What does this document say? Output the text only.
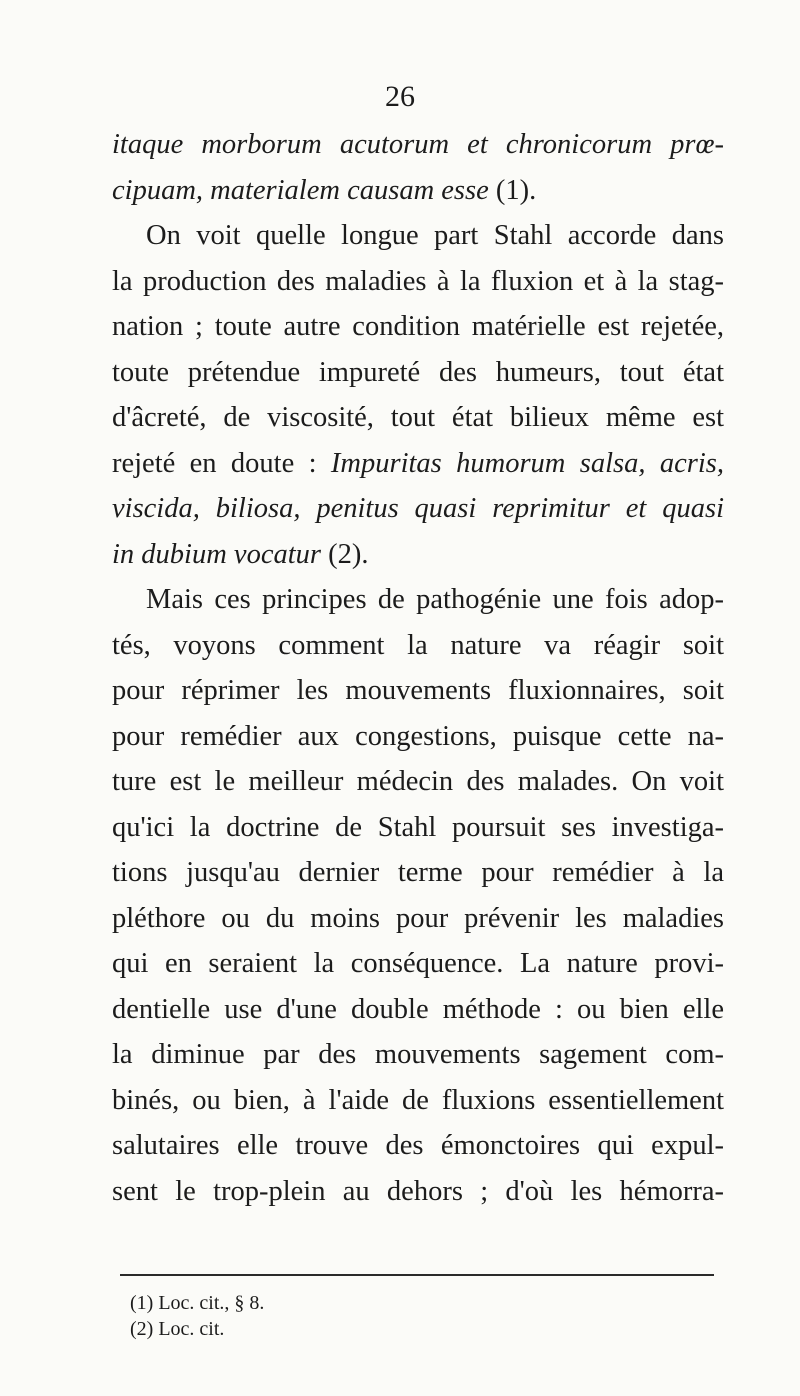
26
itaque morborum acutorum et chronicorum prœ-
cipuam, materialem causam esse (1).
On voit quelle longue part Stahl accorde dans
la production des maladies à la fluxion et à la stag-
nation ; toute autre condition matérielle est rejetée,
toute prétendue impureté des humeurs, tout état
d'âcreté, de viscosité, tout état bilieux même est
rejeté en doute : Impuritas humorum salsa, acris,
viscida, biliosa, penitus quasi reprimitur et quasi
in dubium vocatur (2).
Mais ces principes de pathogénie une fois adop-
tés, voyons comment la nature va réagir soit
pour réprimer les mouvements fluxionnaires, soit
pour remédier aux congestions, puisque cette na-
ture est le meilleur médecin des malades. On voit
qu'ici la doctrine de Stahl poursuit ses investiga-
tions jusqu'au dernier terme pour remédier à la
pléthore ou du moins pour prévenir les maladies
qui en seraient la conséquence. La nature provi-
dentielle use d'une double méthode : ou bien elle
la diminue par des mouvements sagement com-
binés, ou bien, à l'aide de fluxions essentiellement
salutaires elle trouve des émonctoires qui expul-
sent le trop-plein au dehors ; d'où les hémorra-
(1) Loc. cit., § 8.
(2) Loc. cit.
